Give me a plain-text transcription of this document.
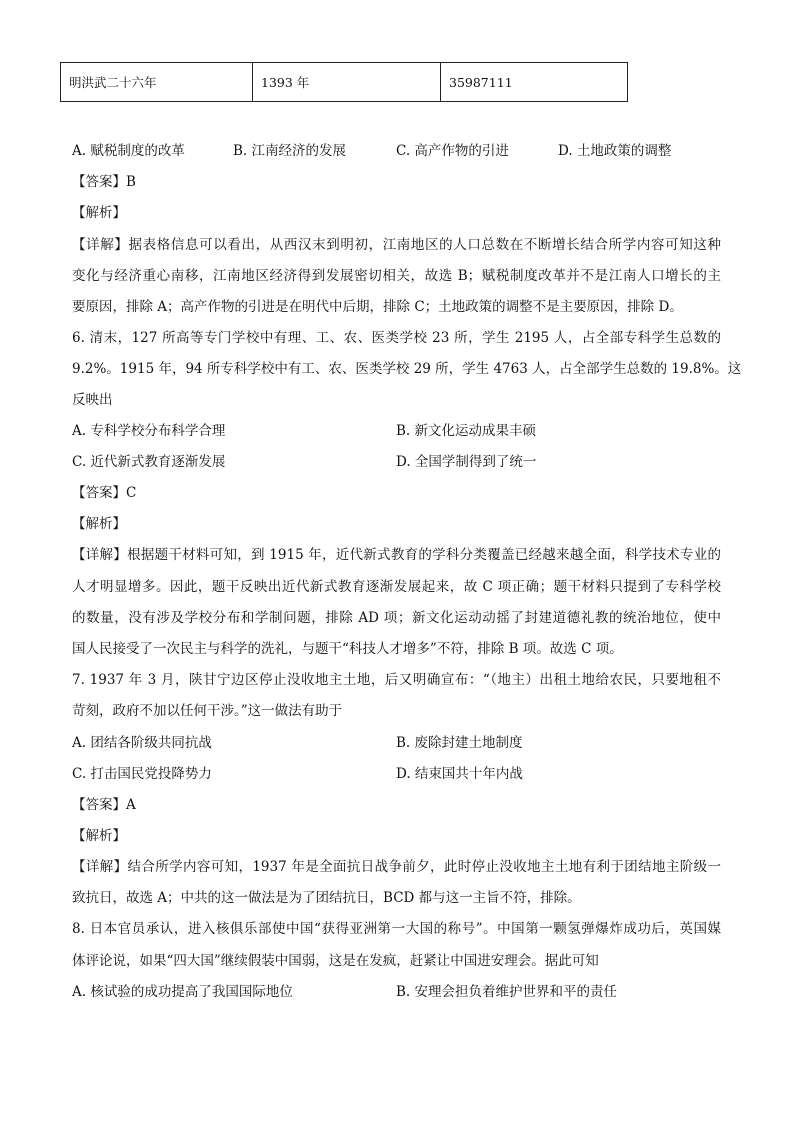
明洪武二十六年	1393 年	35987111
A. 赋税制度的改革	B. 江南经济的发展	C. 高产作物的引进	D. 土地政策的调整
【答案】B
【解析】
【详解】据表格信息可以看出，从西汉末到明初，江南地区的人口总数在不断增长结合所学内容可知这种
变化与经济重心南移，江南地区经济得到发展密切相关，故选 B；赋税制度改革并不是江南人口增长的主
要原因，排除 A；高产作物的引进是在明代中后期，排除 C；土地政策的调整不是主要原因，排除 D。
6. 清末，127 所高等专门学校中有理、工、农、医类学校 23 所，学生 2195 人，占全部专科学生总数的
9.2%。1915 年，94 所专科学校中有工、农、医类学校 29 所，学生 4763 人，占全部学生总数的 19.8%。这
反映出
A. 专科学校分布科学合理	B. 新文化运动成果丰硕
C. 近代新式教育逐渐发展	D. 全国学制得到了统一
【答案】C
【解析】
【详解】根据题干材料可知，到 1915 年，近代新式教育的学科分类覆盖已经越来越全面，科学技术专业的
人才明显增多。因此，题干反映出近代新式教育逐渐发展起来，故 C 项正确；题干材料只提到了专科学校
的数量，没有涉及学校分布和学制问题，排除 AD 项；新文化运动动摇了封建道德礼教的统治地位，使中
国人民接受了一次民主与科学的洗礼，与题干“科技人才增多”不符，排除 B 项。故选 C 项。
7. 1937 年 3 月，陕甘宁边区停止没收地主土地，后又明确宣布：“（地主）出租土地给农民，只要地租不
苛刻，政府不加以任何干涉。”这一做法有助于
A. 团结各阶级共同抗战	B. 废除封建土地制度
C. 打击国民党投降势力	D. 结束国共十年内战
【答案】A
【解析】
【详解】结合所学内容可知，1937 年是全面抗日战争前夕，此时停止没收地主土地有利于团结地主阶级一
致抗日，故选 A；中共的这一做法是为了团结抗日，BCD 都与这一主旨不符，排除。
8. 日本官员承认，进入核俱乐部使中国“获得亚洲第一大国的称号”。中国第一颗氢弹爆炸成功后，英国媒
体评论说，如果“四大国”继续假装中国弱，这是在发疯，赶紧让中国进安理会。据此可知
A. 核试验的成功提高了我国国际地位	B. 安理会担负着维护世界和平的责任
